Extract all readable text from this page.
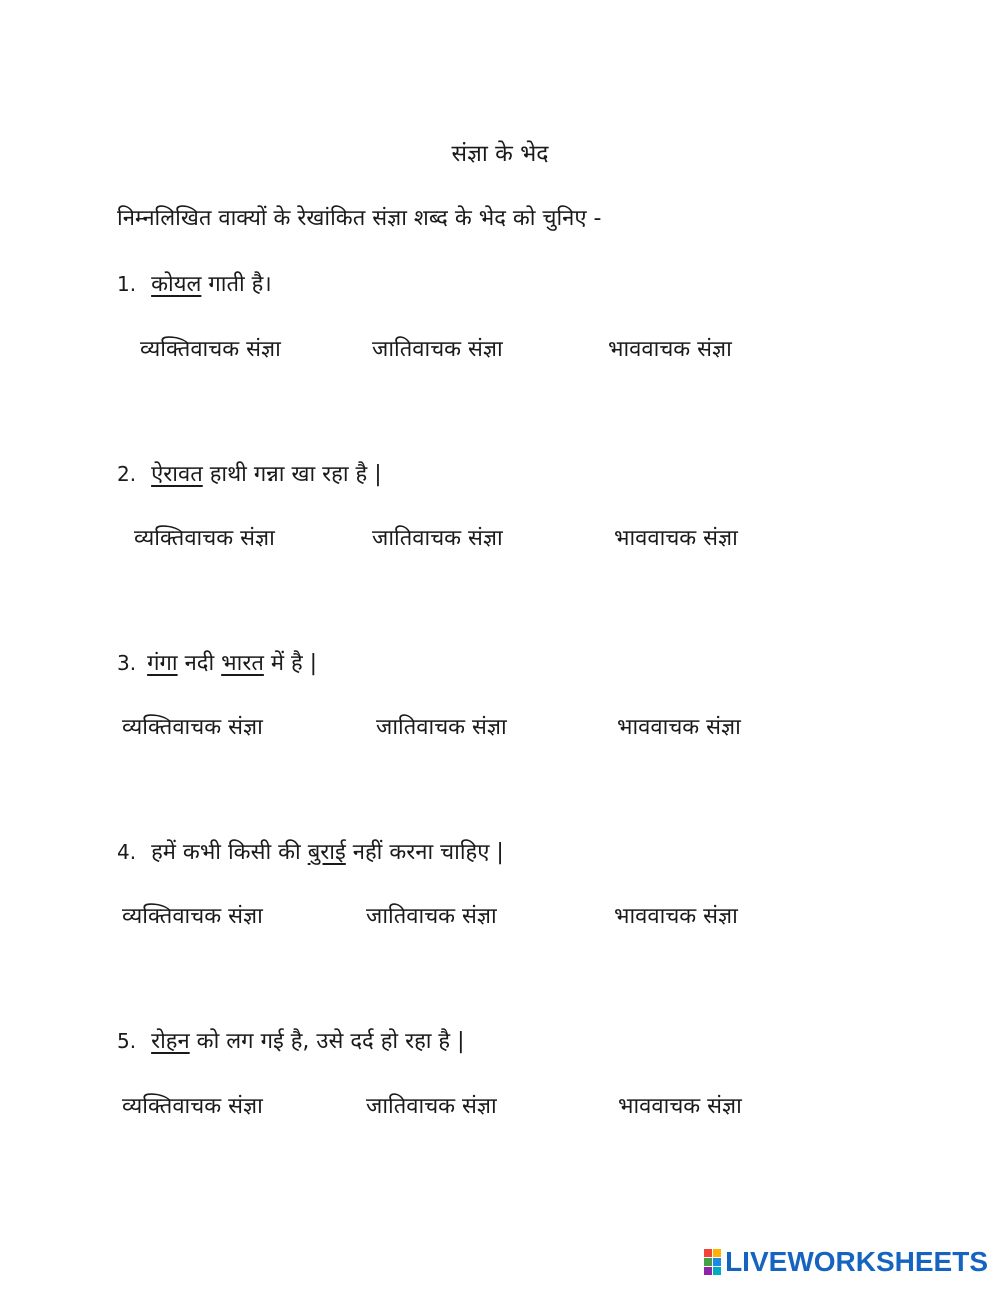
संज्ञा के भेद
निम्नलिखित वाक्यों के रेखांकित संज्ञा शब्द के भेद को चुनिए -
1. कोयल गाती है।
व्यक्तिवाचक संज्ञा	जातिवाचक संज्ञा	भाववाचक संज्ञा
2. ऐरावत हाथी गन्ना खा रहा है |
व्यक्तिवाचक संज्ञा	जातिवाचक संज्ञा	भाववाचक संज्ञा
3. गंगा नदी भारत में है |
व्यक्तिवाचक संज्ञा	जातिवाचक संज्ञा	भाववाचक संज्ञा
4. हमें कभी किसी की बुराई नहीं करना चाहिए |
व्यक्तिवाचक संज्ञा	जातिवाचक संज्ञा	भाववाचक संज्ञा
5. रोहन को लग गई है, उसे दर्द हो रहा है |
व्यक्तिवाचक संज्ञा	जातिवाचक संज्ञा	भाववाचक संज्ञा
LIVEWORKSHEETS
